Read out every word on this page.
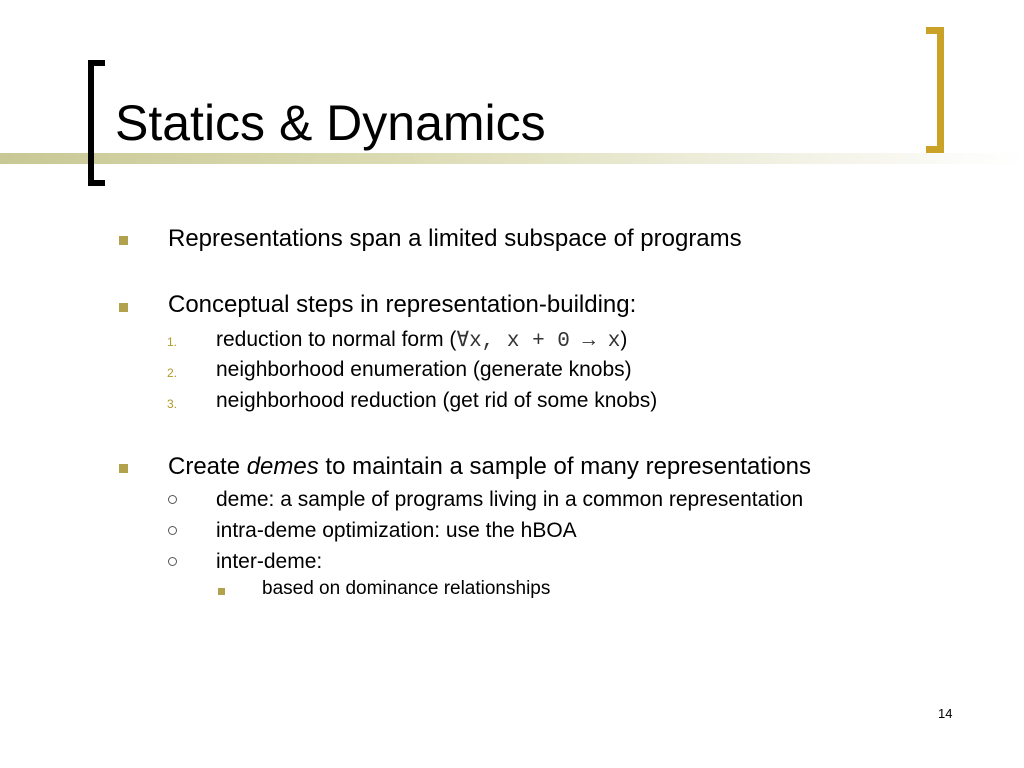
Statics & Dynamics
Representations span a limited subspace of programs
Conceptual steps in representation-building:
1. reduction to normal form (∀x, x + 0 → x)
2. neighborhood enumeration (generate knobs)
3. neighborhood reduction (get rid of some knobs)
Create demes to maintain a sample of many representations
deme: a sample of programs living in a common representation
intra-deme optimization: use the hBOA
inter-deme:
based on dominance relationships
14
